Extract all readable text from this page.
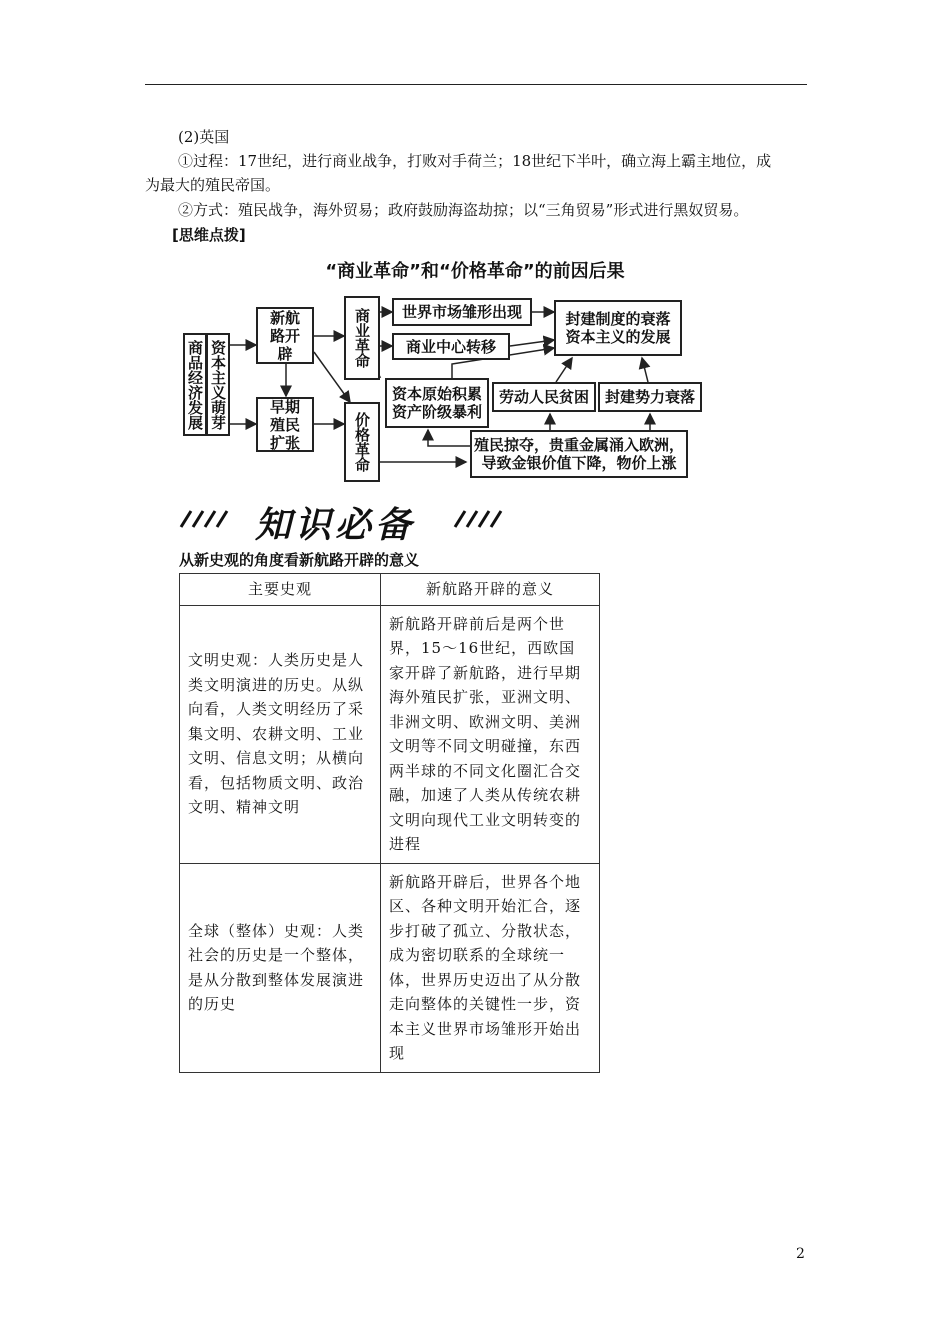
(2)英国
①过程：17世纪，进行商业战争，打败对手荷兰；18世纪下半叶，确立海上霸主地位，成
为最大的殖民帝国。
②方式：殖民战争，海外贸易；政府鼓励海盗劫掠；以“三角贸易”形式进行黑奴贸易。
[思维点拨]
“商业革命”和“价格革命”的前因后果
商品经济发展 资本主义萌芽
新航路开辟
早期殖民扩张
商业革命
价格革命
世界市场雏形出现
商业中心转移
封建制度的衰落
资本主义的发展
资本原始积累
资产阶级暴利
劳动人民贫困 封建势力衰落
殖民掠夺，贵重金属涌入欧洲，
导致金银价值下降，物价上涨
知识必备
从新史观的角度看新航路开辟的意义
主要史观	新航路开辟的意义
文明史观：人类历史是人类文明演进的历史。从纵向看，人类文明经历了采集文明、农耕文明、工业文明、信息文明；从横向看，包括物质文明、政治文明、精神文明	新航路开辟前后是两个世界，15～16世纪，西欧国家开辟了新航路，进行早期海外殖民扩张，亚洲文明、非洲文明、欧洲文明、美洲文明等不同文明碰撞，东西两半球的不同文化圈汇合交融，加速了人类从传统农耕文明向现代工业文明转变的进程
全球（整体）史观：人类社会的历史是一个整体，是从分散到整体发展演进的历史	新航路开辟后，世界各个地区、各种文明开始汇合，逐步打破了孤立、分散状态，成为密切联系的全球统一体，世界历史迈出了从分散走向整体的关键性一步，资本主义世界市场雏形开始出现
2
